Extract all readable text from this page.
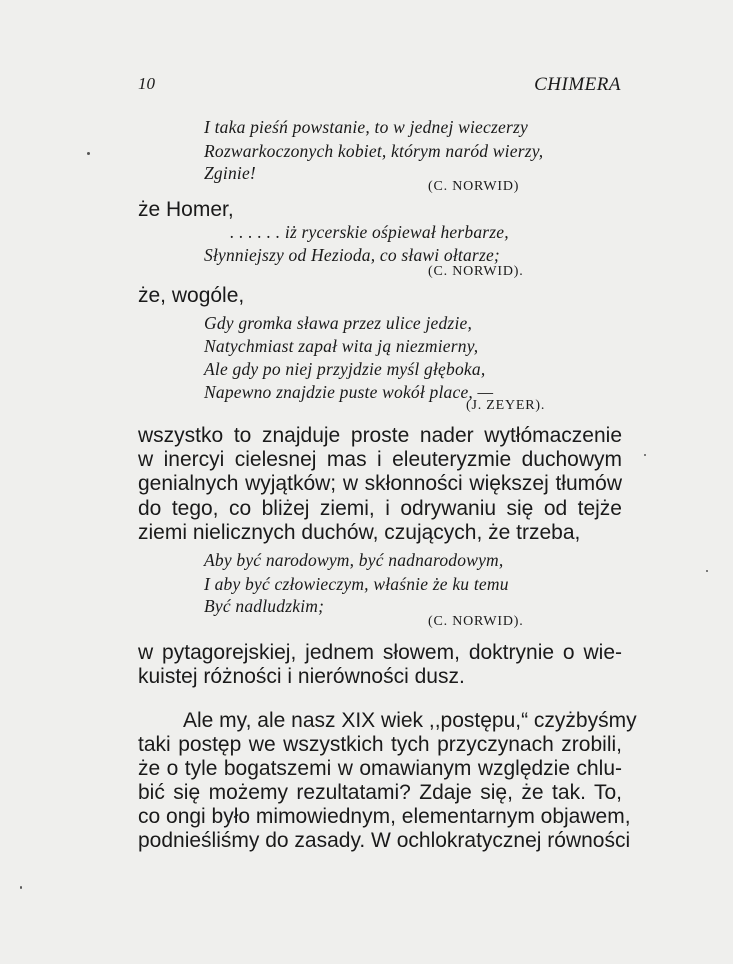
10	CHIMERA
I taka pieśń powstanie, to w jednej wieczerzy
Rozwarkoczonych kobiet, którym naród wierzy,
Zginie!
(C. NORWID)
że Homer,
. . . . . . iż rycerskie ośpiewał herbarze,
Słynniejszy od Hezioda, co sławi ołtarze;
(C. NORWID).
że, wogóle,
Gdy gromka sława przez ulice jedzie,
Natychmiast zapał wita ją niezmierny,
Ale gdy po niej przyjdzie myśl głęboka,
Napewno znajdzie puste wokół place, —
(J. ZEYER).
wszystko to znajduje proste nader wytłómaczenie
w inercyi cielesnej mas i eleuteryzmie duchowym
genialnych wyjątków; w skłonności większej tłumów
do tego, co bliżej ziemi, i odrywaniu się od tejże
ziemi nielicznych duchów, czujących, że trzeba,
Aby być narodowym, być nadnarodowym,
I aby być człowieczym, właśnie że ku temu
Być nadludzkim;
(C. NORWID).
w pytagorejskiej, jednem słowem, doktrynie o wie-
kuistej różności i nierówności dusz.
Ale my, ale nasz XIX wiek ,,postępu,“ czyżbyśmy
taki postęp we wszystkich tych przyczynach zrobili,
że o tyle bogatszemi w omawianym względzie chlu-
bić się możemy rezultatami? Zdaje się, że tak. To,
co ongi było mimowiednym, elementarnym objawem,
podnieśliśmy do zasady. W ochlokratycznej równości
